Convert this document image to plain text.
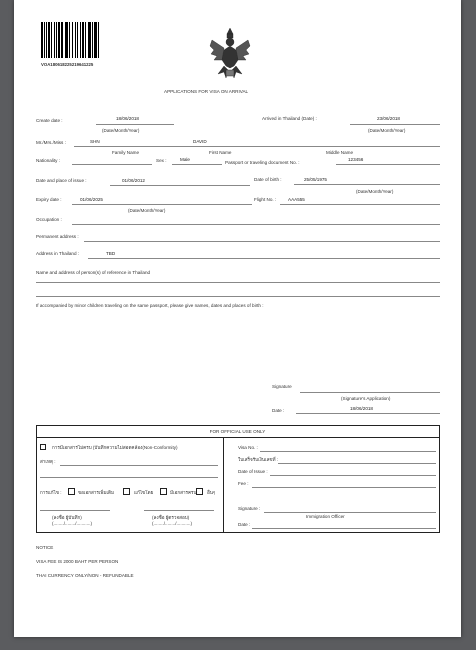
VOA180618225219641225
APPLICATIONS FOR VISA ON ARRIVAL
Create date :	18/06/2018
(Date/Month/Year)
Arrived in Thailand (Date) :	23/06/2018
(Date/Month/Year)
Mr./Mrs./Miss :	SHN	DAVID
Family Name	First Name	Middle Name
Nationality :	Sex :	Male
Passport or traveling document No. :
123456
Date and place of issue :	01/06/2012	Date of birth :	25/05/1975
(Date/Month/Year)
Expiry date :	01/06/2025	Flight No. :	AAA555
(Date/Month/Year)
Occupation :
Permanent address :
Address in Thailand :	TBD
Name and address of person(s) of reference in Thailand
If accompanied by minor children traveling on the same passport, please give names, dates and places of birth :
Signature
(Signature's Application)
Date :	18/06/2018
FOR OFFICIAL USE ONLY
การมีเอกสารไม่ครบ (บันทึกความไม่สอดคล้อง(Non-Conformity)
สาเหตุ :
การแก้ไข :	ขอเอกสารเพิ่มเติม	แก้ไขโดย	มีเอกสารครบ อื่นๆ
(ลงชื่อ ผู้บันทึก)
(......../......../...........)
(ลงชื่อ ผู้ตรวจสอบ)
(......../......../...........)
Visa No. :
ใบเสร็จรับเงินเลขที่ :
Date of Issue :
Fee :
Signature :
Immigration Officer
Date :
NOTICE
VISA FEE IS 2000 BAHT PER PERSON
THAI CURRENCY ONLY/NON - REFUNDABLE
